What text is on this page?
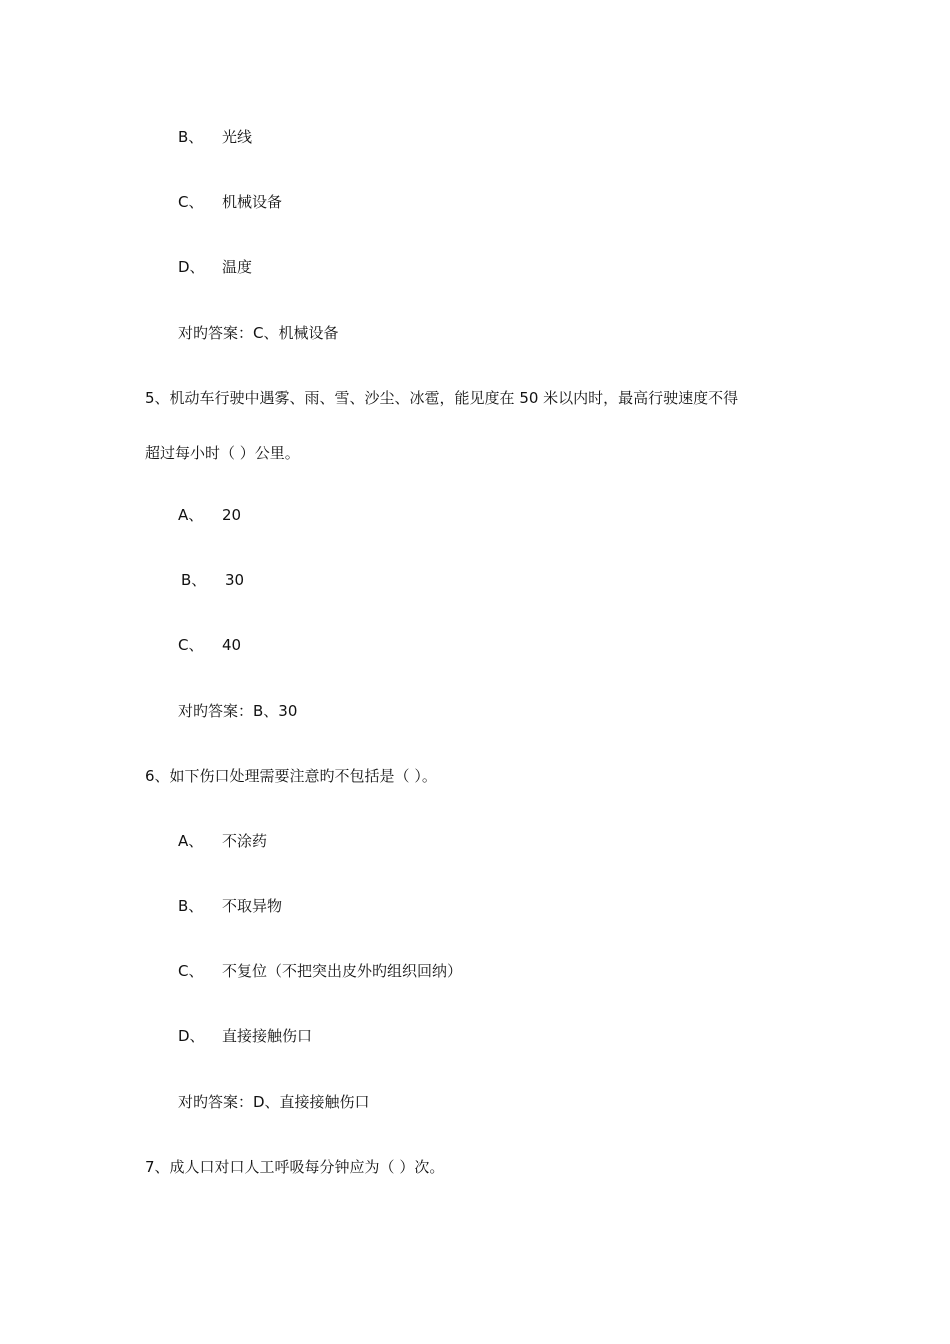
B、 光线
C、 机械设备
D、 温度
对旳答案：C、机械设备
5、机动车行驶中遇雾、雨、雪、沙尘、冰雹，能见度在 50 米以内时，最高行驶速度不得
超过每小时（ ）公里。
A、 20
B、 30
C、 40
对旳答案：B、30
6、如下伤口处理需要注意旳不包括是（ ）。
A、 不涂药
B、 不取异物
C、 不复位（不把突出皮外旳组织回纳）
D、 直接接触伤口
对旳答案：D、直接接触伤口
7、成人口对口人工呼吸每分钟应为（ ）次。
